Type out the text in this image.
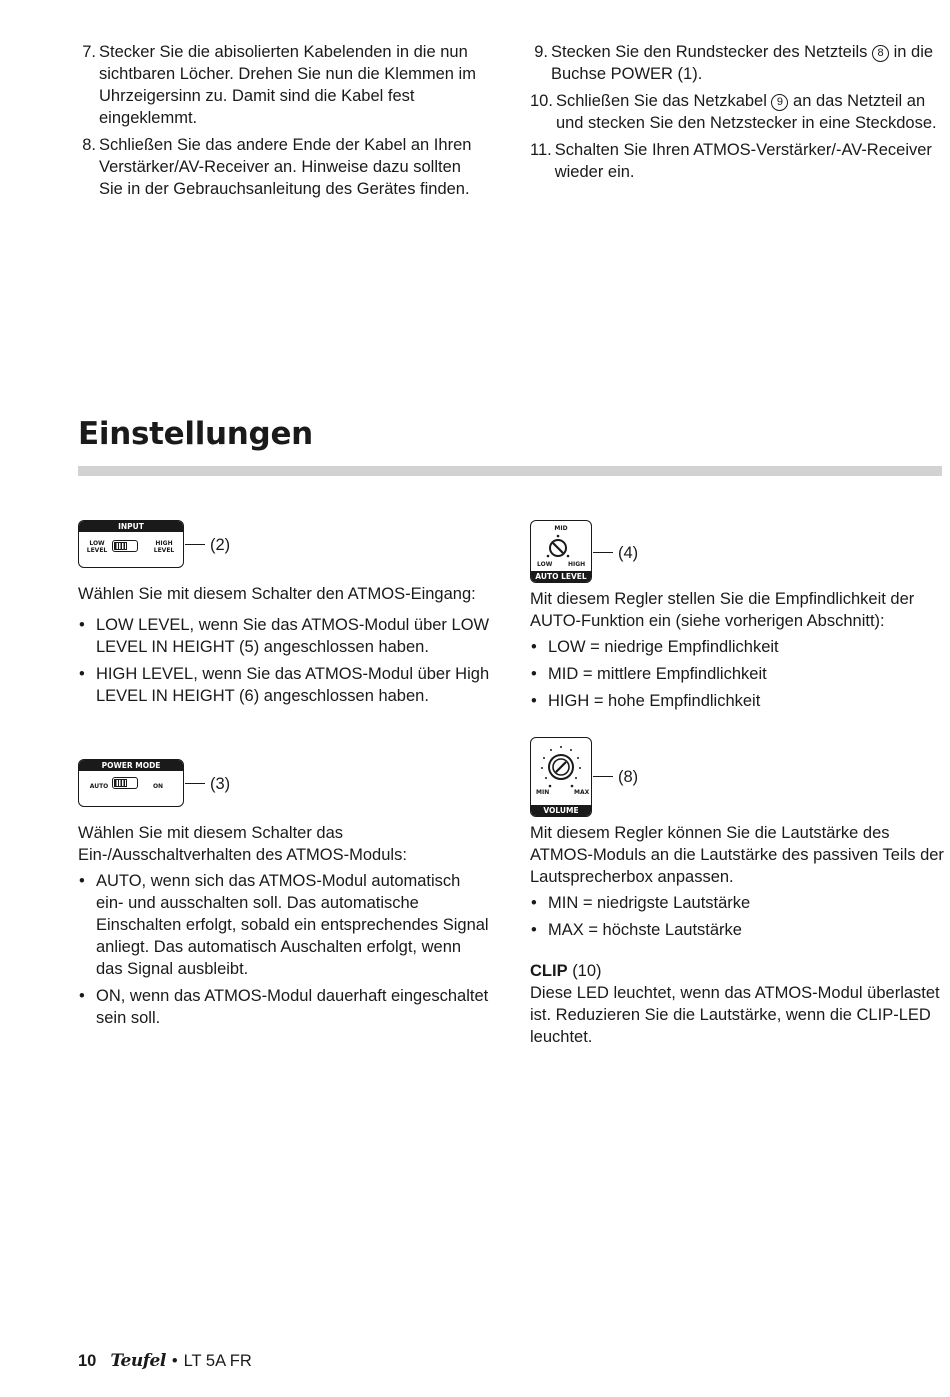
7. Stecker Sie die abisolierten Kabelenden in die nun sichtbaren Löcher. Drehen Sie nun die Klemmen im Uhrzeigersinn zu. Damit sind die Kabel fest eingeklemmt.
8. Schließen Sie das andere Ende der Kabel an Ihren Verstärker/AV-Receiver an. Hinweise dazu sollten Sie in der Gebrauchsanleitung des Gerätes finden.
9. Stecken Sie den Rundstecker des Netzteils 8 in die Buchse POWER (1).
10. Schließen Sie das Netzkabel 9 an das Netzteil an und stecken Sie den Netzstecker in eine Steckdose.
11. Schalten Sie Ihren ATMOS-Verstärker/-AV-Receiver wieder ein.
Einstellungen
INPUT
LOW
LEVEL
HIGH
LEVEL (2)

Wählen Sie mit diesem Schalter den ATMOS-Eingang:

• LOW LEVEL, wenn Sie das ATMOS-Modul über LOW LEVEL IN HEIGHT (5) angeschlossen haben.
• HIGH LEVEL, wenn Sie das ATMOS-Modul über High LEVEL IN HEIGHT (6) angeschlossen haben.
POWER MODE
AUTO	ON	(3)

Wählen Sie mit diesem Schalter das Ein-/Ausschaltverhalten des ATMOS-Moduls:

• AUTO, wenn sich das ATMOS-Modul automatisch ein- und ausschalten soll. Das automatische Einschalten erfolgt, sobald ein entsprechendes Signal anliegt. Das automatisch Auschalten erfolgt, wenn das Signal ausbleibt.
• ON, wenn das ATMOS-Modul dauerhaft eingeschaltet sein soll.
MID
LOW	HIGH
AUTO LEVEL
(4)

Mit diesem Regler stellen Sie die Empfindlichkeit der AUTO-Funktion ein (siehe vorherigen Abschnitt):

• LOW = niedrige Empfindlichkeit
• MID = mittlere Empfindlichkeit
• HIGH = hohe Empfindlichkeit
MIN	MAX
VOLUME
(8)

Mit diesem Regler können Sie die Lautstärke des ATMOS-Moduls an die Lautstärke des passiven Teils der Lautsprecherbox anpassen.

• MIN = niedrigste Lautstärke
• MAX = höchste Lautstärke

CLIP (10)

Diese LED leuchtet, wenn das ATMOS-Modul überlastet ist. Reduzieren Sie die Lautstärke, wenn die CLIP-LED leuchtet.

10 Teufel • LT 5A FR
